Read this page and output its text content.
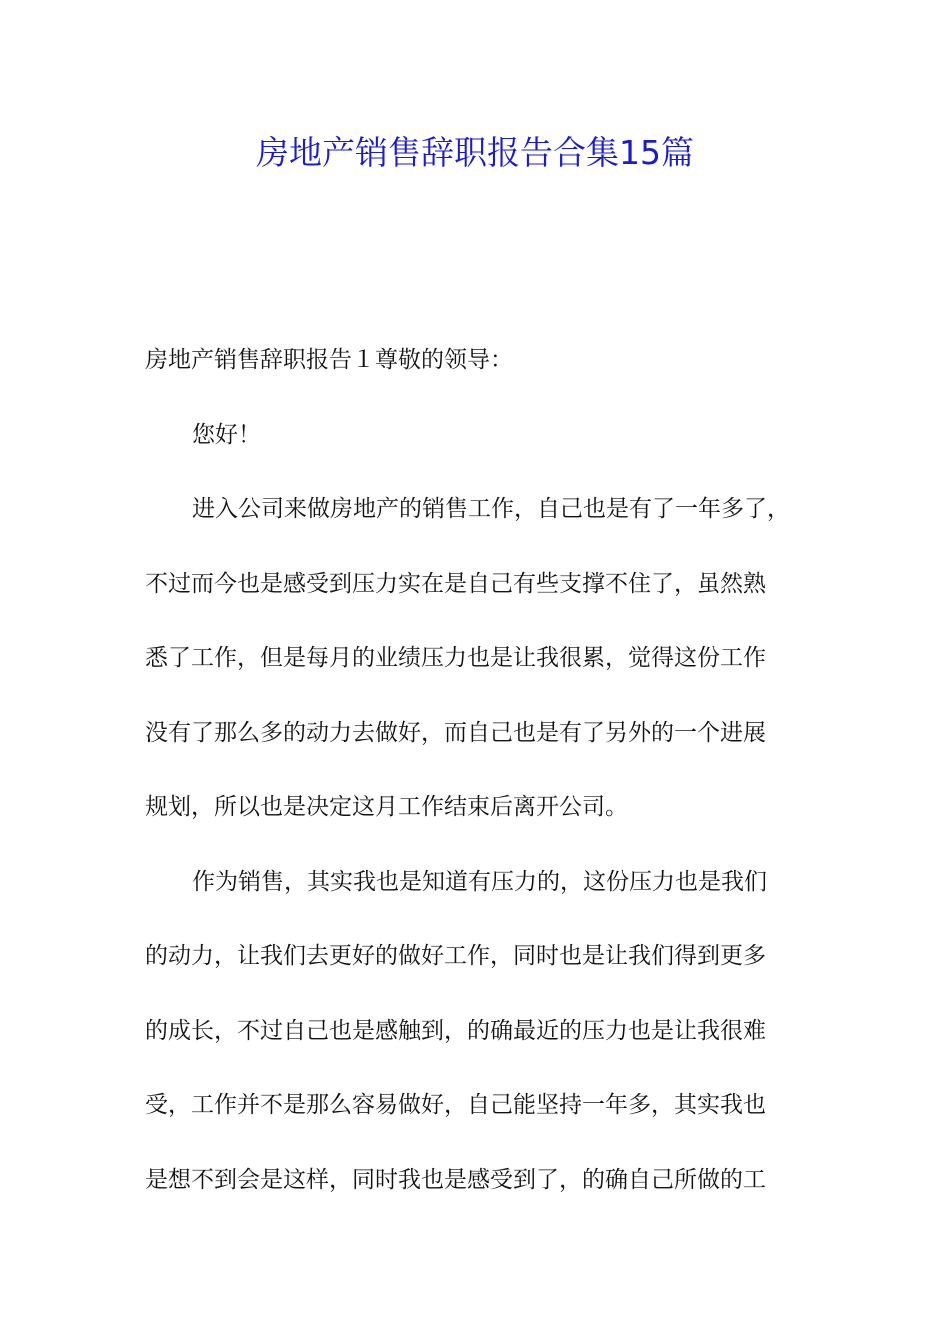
房地产销售辞职报告合集15篇

房地产销售辞职报告１尊敬的领导：

您好！

进入公司来做房地产的销售工作，自己也是有了一年多了，

不过而今也是感受到压力实在是自己有些支撑不住了，虽然熟

悉了工作，但是每月的业绩压力也是让我很累，觉得这份工作

没有了那么多的动力去做好，而自己也是有了另外的一个进展

规划，所以也是决定这月工作结束后离开公司。

作为销售，其实我也是知道有压力的，这份压力也是我们

的动力，让我们去更好的做好工作，同时也是让我们得到更多

的成长，不过自己也是感触到，的确最近的压力也是让我很难

受，工作并不是那么容易做好，自己能坚持一年多，其实我也

是想不到会是这样，同时我也是感受到了，的确自己所做的工
